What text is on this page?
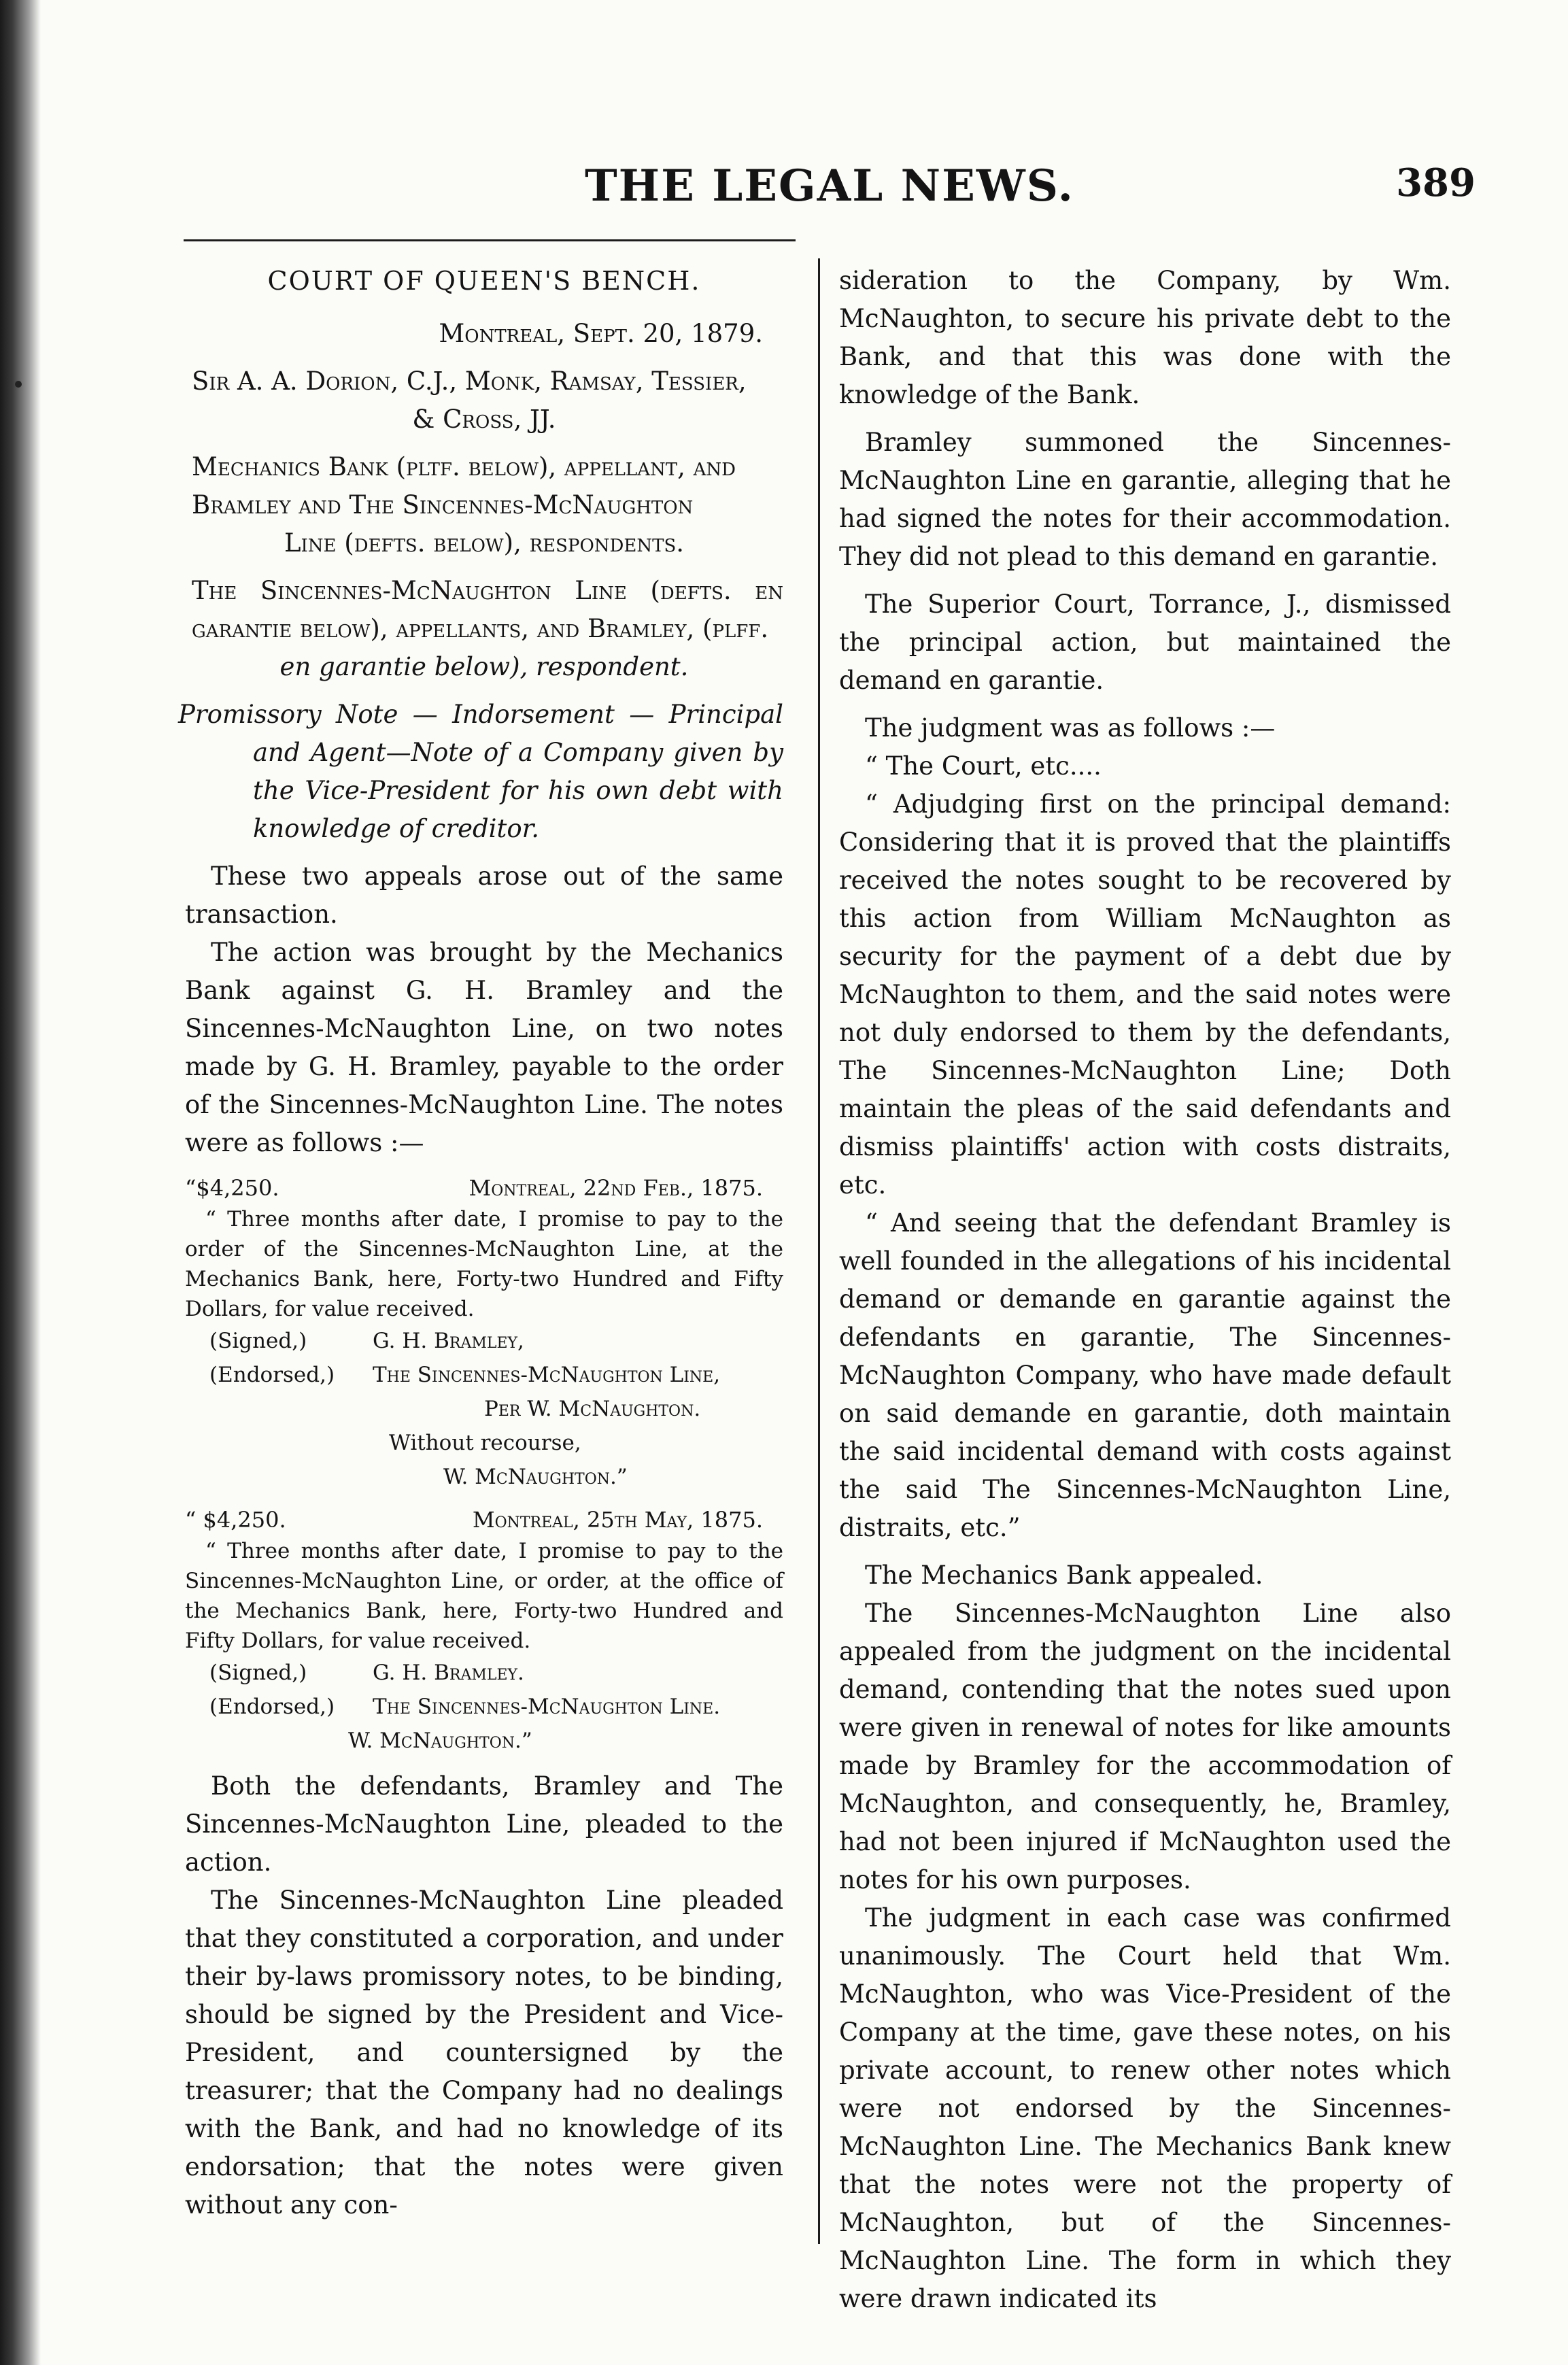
THE LEGAL NEWS.	389

COURT OF QUEEN'S BENCH.

Montreal, Sept. 20, 1879.

Sir A. A. Dorion, C.J., Monk, Ramsay, Tessier,

& Cross, JJ.

Mechanics Bank (pltf. below), appellant, and

Bramley and The Sincennes-McNaughton

Line (defts. below), respondents.

The Sincennes-McNaughton Line (defts. en garantie below), appellants, and Bramley, (plff.

en garantie below), respondent.

Promissory Note — Indorsement — Principal and Agent—Note of a Company given by the Vice-President for his own debt with knowledge of creditor.

These two appeals arose out of the same transaction.

The action was brought by the Mechanics Bank against G. H. Bramley and the Sincennes-McNaughton Line, on two notes made by G. H. Bramley, payable to the order of the Sincennes-McNaughton Line. The notes were as follows :—

“$4,250.	Montreal, 22nd Feb., 1875.

“ Three months after date, I promise to pay to the order of the Sincennes-McNaughton Line, at the Mechanics Bank, here, Forty-two Hundred and Fifty Dollars, for value received.

(Signed,)	G. H. Bramley,
(Endorsed,)	The Sincennes-McNaughton Line,
Per W. McNaughton.
Without recourse,
W. McNaughton.”
“ $4,250.	Montreal, 25th May, 1875.

“ Three months after date, I promise to pay to the Sincennes-McNaughton Line, or order, at the office of the Mechanics Bank, here, Forty-two Hundred and Fifty Dollars, for value received.

(Signed,)	G. H. Bramley.
(Endorsed,)	The Sincennes-McNaughton Line.
W. McNaughton.”

Both the defendants, Bramley and The Sincennes-McNaughton Line, pleaded to the action.

The Sincennes-McNaughton Line pleaded that they constituted a corporation, and under their by-laws promissory notes, to be binding, should be signed by the President and Vice-President, and countersigned by the treasurer; that the Company had no dealings with the Bank, and had no knowledge of its endorsation; that the notes were given without any con-

sideration to the Company, by Wm. McNaughton, to secure his private debt to the Bank, and that this was done with the knowledge of the Bank.

Bramley summoned the Sincennes-McNaughton Line en garantie, alleging that he had signed the notes for their accommodation. They did not plead to this demand en garantie.

The Superior Court, Torrance, J., dismissed the principal action, but maintained the demand en garantie.

The judgment was as follows :—

“ The Court, etc....

“ Adjudging first on the principal demand: Considering that it is proved that the plaintiffs received the notes sought to be recovered by this action from William McNaughton as security for the payment of a debt due by McNaughton to them, and the said notes were not duly endorsed to them by the defendants, The Sincennes-McNaughton Line; Doth maintain the pleas of the said defendants and dismiss plaintiffs' action with costs distraits, etc.

“ And seeing that the defendant Bramley is well founded in the allegations of his incidental demand or demande en garantie against the defendants en garantie, The Sincennes-McNaughton Company, who have made default on said demande en garantie, doth maintain the said incidental demand with costs against the said The Sincennes-McNaughton Line, distraits, etc.”

The Mechanics Bank appealed.

The Sincennes-McNaughton Line also appealed from the judgment on the incidental demand, contending that the notes sued upon were given in renewal of notes for like amounts made by Bramley for the accommodation of McNaughton, and consequently, he, Bramley, had not been injured if McNaughton used the notes for his own purposes.

The judgment in each case was confirmed unanimously. The Court held that Wm. McNaughton, who was Vice-President of the Company at the time, gave these notes, on his private account, to renew other notes which were not endorsed by the Sincennes-McNaughton Line. The Mechanics Bank knew that the notes were not the property of McNaughton, but of the Sincennes-McNaughton Line. The form in which they were drawn indicated its
